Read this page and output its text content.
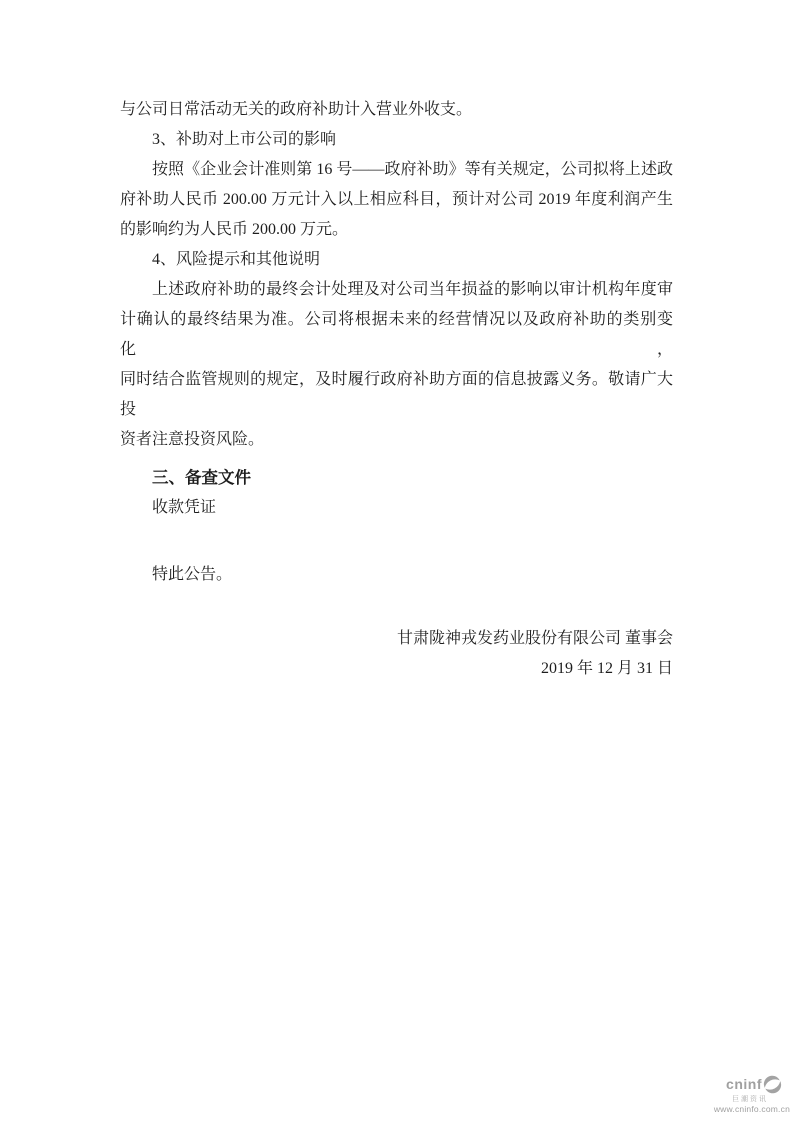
与公司日常活动无关的政府补助计入营业外收支。
3、补助对上市公司的影响
按照《企业会计准则第 16 号——政府补助》等有关规定，公司拟将上述政
府补助人民币 200.00 万元计入以上相应科目，预计对公司 2019 年度利润产生
的影响约为人民币 200.00 万元。
4、风险提示和其他说明
上述政府补助的最终会计处理及对公司当年损益的影响以审计机构年度审
计确认的最终结果为准。公司将根据未来的经营情况以及政府补助的类别变化，
同时结合监管规则的规定，及时履行政府补助方面的信息披露义务。敬请广大投
资者注意投资风险。
三、备查文件
收款凭证
特此公告。
甘肃陇神戎发药业股份有限公司 董事会
2019 年 12 月 31 日
cninf
巨潮资讯
www.cninfo.com.cn
